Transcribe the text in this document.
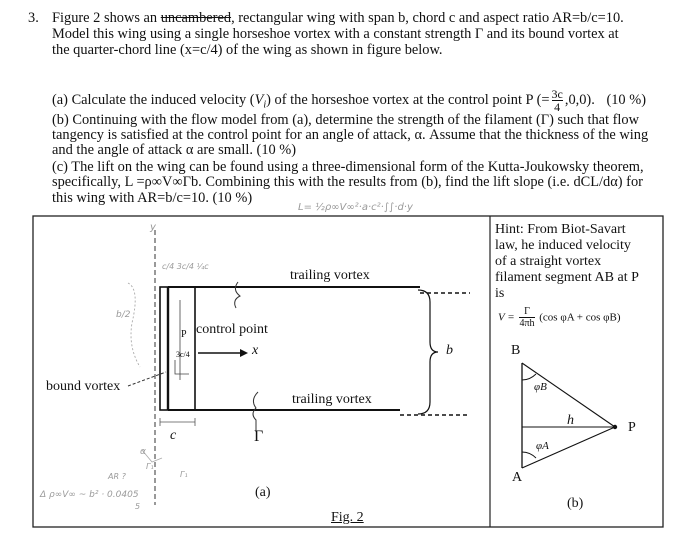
3. Figure 2 shows an uncambered, rectangular wing with span b, chord c and aspect ratio AR=b/c=10.
Model this wing using a single horseshoe vortex with a constant strength Γ and its bound vortex at
the quarter-chord line (x=c/4) of the wing as shown in figure below.
(a) Calculate the induced velocity $(V_i)$ of the horseshoe vortex at the control point P (= $\frac{3c}{4} ,0,0$). (10 %)
(b) Continuing with the flow model from (a), determine the strength of the filament (Γ) such that flow
tangency is satisfied at the control point for an angle of attack, α. Assume that the thickness of the wing
and the angle of attack α are small. (10 %)
(c) The lift on the wing can be found using a three-dimensional form of the Kutta-Joukowsky theorem,
specifically, L =ρ∞V∞Γb. Combining this with the results from (b), find the lift slope (i.e. dCL/dα) for
this wing with AR=b/c=10. (10 %)
L= ½ρ∞V∞²·a·c²·∫∫·d·y
trailing vortex
trailing vortex
control point
x
P
3c/4	b
bound vortex
c	Γ
(a)
y
c/4 3c/4 ¼c
b/2
α
AR ?
Γ₁
Γ₁
Δ ρ∞V∞ ~ b² · 0.0405
5
Hint: From Biot-Savart
law, he induced velocity
of a straight vortex
filament segment AB at P
is
$V = \frac{\Gamma}{4\pi h} (\cos$ φA + cos φB)
B
A
φB
φA
h	P
(b)
Fig. 2
